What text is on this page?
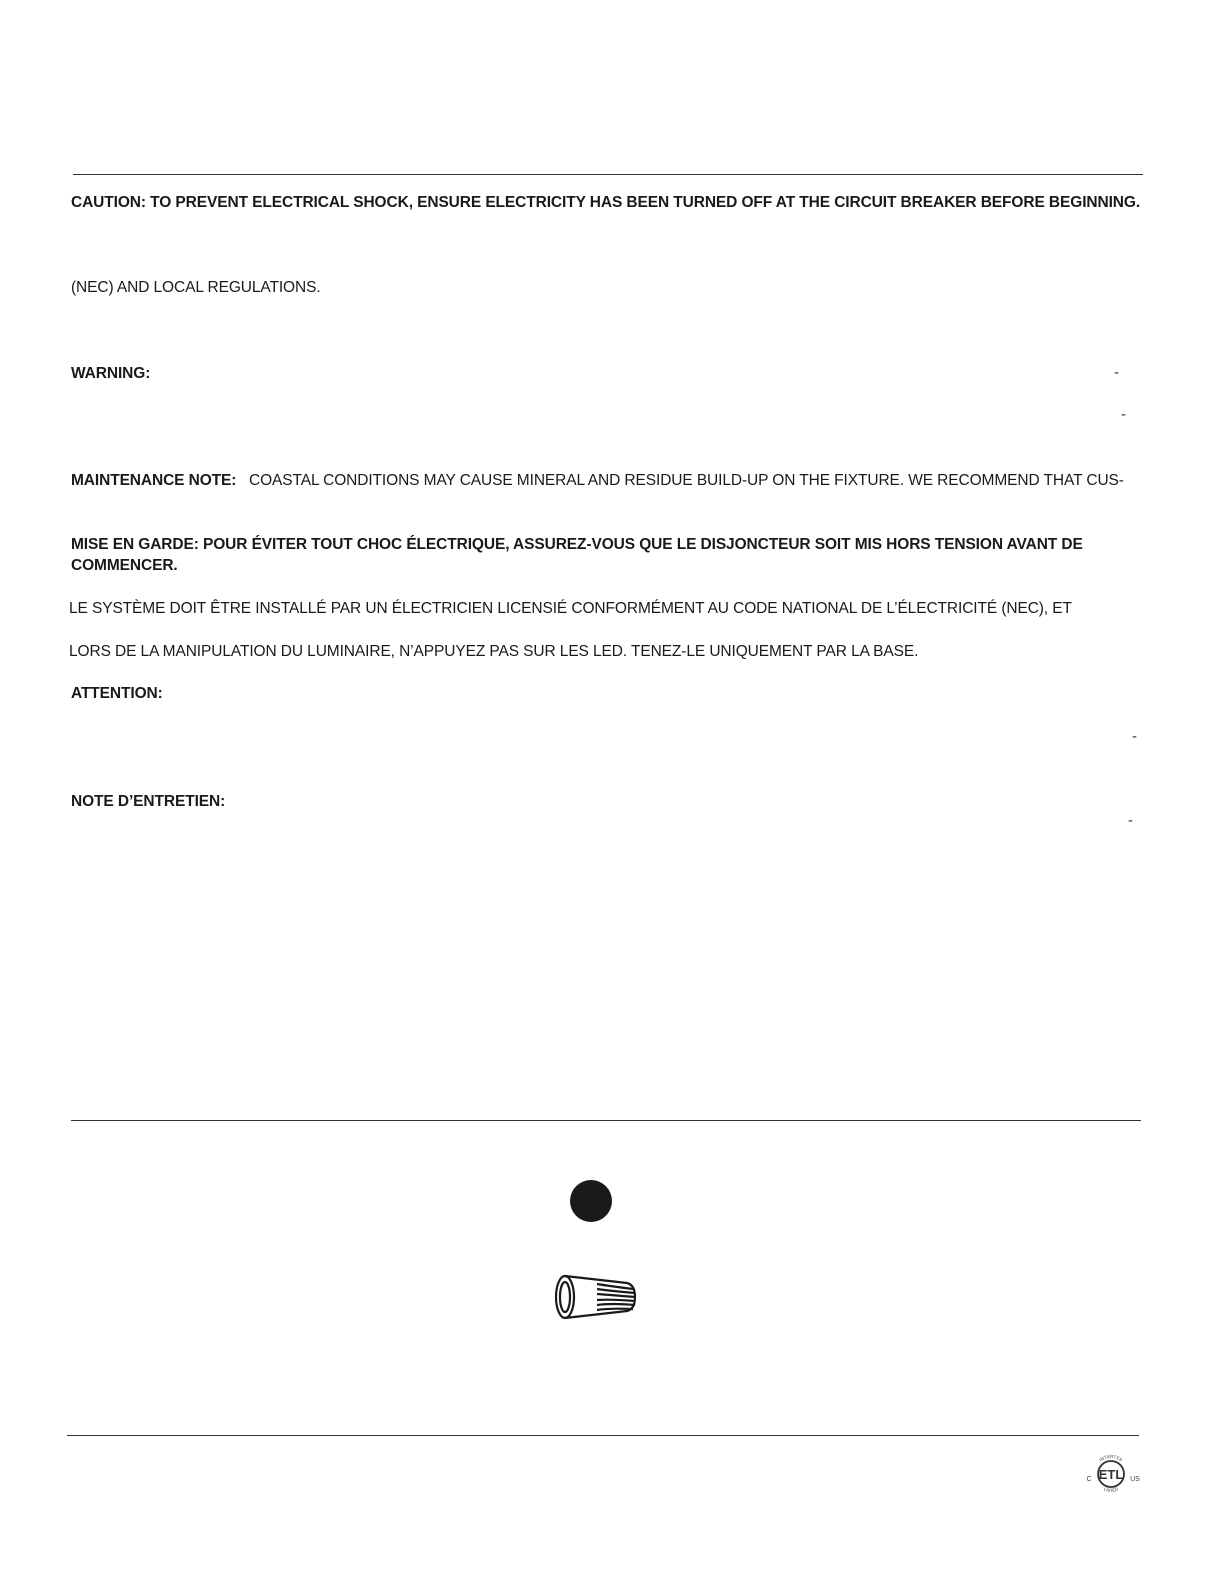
CAUTION: TO PREVENT ELECTRICAL SHOCK, ENSURE ELECTRICITY HAS BEEN TURNED OFF AT THE CIRCUIT BREAKER BEFORE BEGINNING.
(NEC) AND LOCAL REGULATIONS.
WARNING:	-
-
MAINTENANCE NOTE: COASTAL CONDITIONS MAY CAUSE MINERAL AND RESIDUE BUILD-UP ON THE FIXTURE. WE RECOMMEND THAT CUS-
MISE EN GARDE: POUR ÉVITER TOUT CHOC ÉLECTRIQUE, ASSUREZ-VOUS QUE LE DISJONCTEUR SOIT MIS HORS TENSION AVANT DE
COMMENCER.
LE SYSTÈME DOIT ÊTRE INSTALLÉ PAR UN ÉLECTRICIEN LICENSIÉ CONFORMÉMENT AU CODE NATIONAL DE L’ÉLECTRICITÉ (NEC), ET
LORS DE LA MANIPULATION DU LUMINAIRE, N’APPUYEZ PAS SUR LES LED. TENEZ-LE UNIQUEMENT PAR LA BASE.
ATTENTION:
-
NOTE D’ENTRETIEN:
-
ETL
C	US
INTERTEK
LISTED
